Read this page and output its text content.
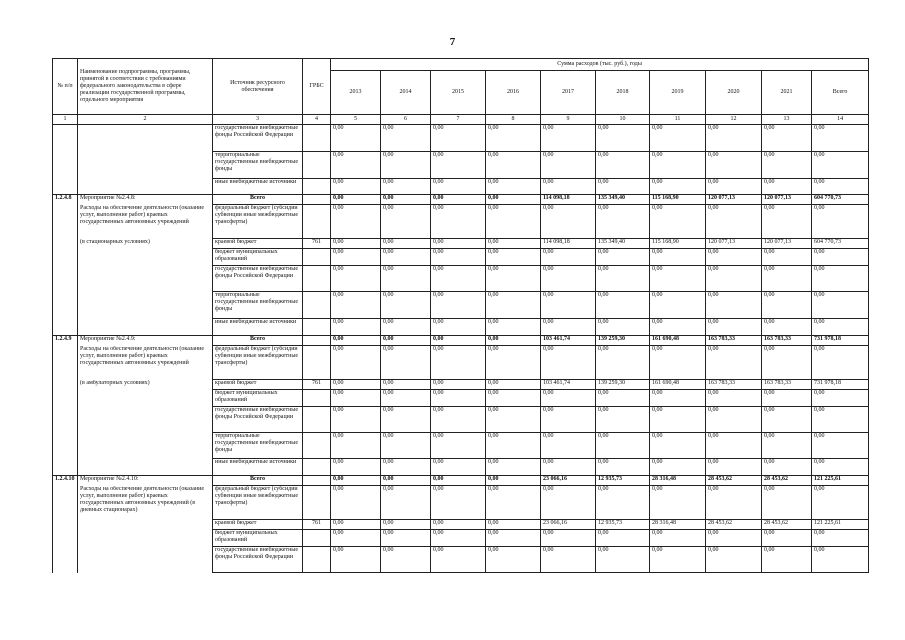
7
№ п/п	Наименование подпрограммы, программы, принятой в соответствии с требованиями федерального законодательства в сфере реализации государственной программы, отдельного мероприятия	Источник ресурсного обеспечения	ГРБС	Сумма расходов (тыс. руб.), годы									
				2013	2014	2015	2016	2017	2018	2019	2020	2021	Всего
1	2	3	4	5	6	7	8	9	10	11	12	13	14
		государственные внебюджетные фонды Российской Федерации		0,00	0,00	0,00	0,00	0,00	0,00	0,00	0,00	0,00	0,00
		территориальные государственные внебюджетные фонды		0,00	0,00	0,00	0,00	0,00	0,00	0,00	0,00	0,00	0,00
		иные внебюджетные источники		0,00	0,00	0,00	0,00	0,00	0,00	0,00	0,00	0,00	0,00
1.2.4.8	Мероприятие №2.4.8:	Всего		0,00	0,00	0,00	0,00	114 098,18	135 349,40	115 168,90	120 077,13	120 077,13	604 770,73
	Расходы на обеспечение деятельности (оказание услуг, выполнение работ) краевых государственных автономных учреждений	федеральный бюджет (субсидии субвенции иные межбюджетные трансферты)		0,00	0,00	0,00	0,00	0,00	0,00	0,00	0,00	0,00	0,00
	(в стационарных условиях)	краевой бюджет	761	0,00	0,00	0,00	0,00	114 098,18	135 349,40	115 168,90	120 077,13	120 077,13	604 770,73
		бюджет муниципальных образований		0,00	0,00	0,00	0,00	0,00	0,00	0,00	0,00	0,00	0,00
		государственные внебюджетные фонды Российской Федерации		0,00	0,00	0,00	0,00	0,00	0,00	0,00	0,00	0,00	0,00
		территориальные государственные внебюджетные фонды		0,00	0,00	0,00	0,00	0,00	0,00	0,00	0,00	0,00	0,00
		иные внебюджетные источники		0,00	0,00	0,00	0,00	0,00	0,00	0,00	0,00	0,00	0,00
1.2.4.9	Мероприятие №2.4.9:	Всего		0,00	0,00	0,00	0,00	103 461,74	139 259,30	161 690,48	163 783,33	163 783,33	731 978,18
	Расходы на обеспечение деятельности (оказание услуг, выполнение работ) краевых государственных автономных учреждений	федеральный бюджет (субсидии субвенции иные межбюджетные трансферты)		0,00	0,00	0,00	0,00	0,00	0,00	0,00	0,00	0,00	0,00
	(в амбулаторных условиях)	краевой бюджет	761	0,00	0,00	0,00	0,00	103 461,74	139 259,30	161 690,48	163 783,33	163 783,33	731 978,18
		бюджет муниципальных образований		0,00	0,00	0,00	0,00	0,00	0,00	0,00	0,00	0,00	0,00
		государственные внебюджетные фонды Российской Федерации		0,00	0,00	0,00	0,00	0,00	0,00	0,00	0,00	0,00	0,00
		территориальные государственные внебюджетные фонды		0,00	0,00	0,00	0,00	0,00	0,00	0,00	0,00	0,00	0,00
		иные внебюджетные источники		0,00	0,00	0,00	0,00	0,00	0,00	0,00	0,00	0,00	0,00
1.2.4.10	Мероприятие №2.4.10:	Всего		0,00	0,00	0,00	0,00	23 066,16	12 935,73	28 316,48	28 453,62	28 453,62	121 225,61
	Расходы на обеспечение деятельности (оказание услуг, выполнение работ) краевых государственных автономных учреждений (в дневных стационарах)	федеральный бюджет (субсидии субвенции иные межбюджетные трансферты)		0,00	0,00	0,00	0,00	0,00	0,00	0,00	0,00	0,00	0,00
		краевой бюджет	761	0,00	0,00	0,00	0,00	23 066,16	12 935,73	28 316,48	28 453,62	28 453,62	121 225,61
		бюджет муниципальных образований		0,00	0,00	0,00	0,00	0,00	0,00	0,00	0,00	0,00	0,00
		государственные внебюджетные фонды Российской Федерации		0,00	0,00	0,00	0,00	0,00	0,00	0,00	0,00	0,00	0,00
